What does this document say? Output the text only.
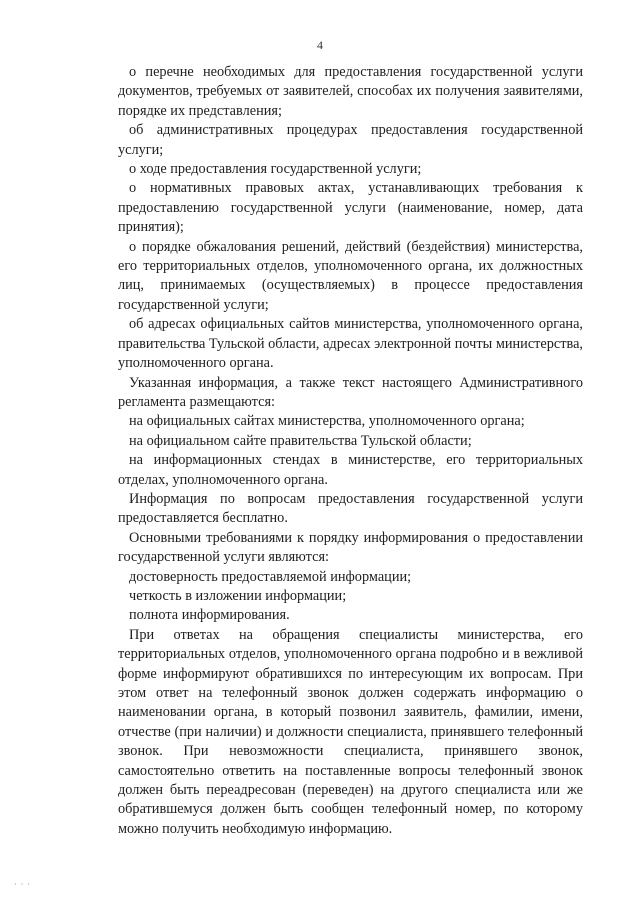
4

о перечне необходимых для предоставления государственной услуги документов, требуемых от заявителей, способах их получения заявителями, порядке их представления;

об административных процедурах предоставления государственной услуги;

о ходе предоставления государственной услуги;

о нормативных правовых актах, устанавливающих требования к предоставлению государственной услуги (наименование, номер, дата принятия);

о порядке обжалования решений, действий (бездействия) министерства, его территориальных отделов, уполномоченного органа, их должностных лиц, принимаемых (осуществляемых) в процессе предоставления государственной услуги;

об адресах официальных сайтов министерства, уполномоченного органа, правительства Тульской области, адресах электронной почты министерства, уполномоченного органа.

Указанная информация, а также текст настоящего Административного регламента размещаются:

на официальных сайтах министерства, уполномоченного органа;

на официальном сайте правительства Тульской области;

на информационных стендах в министерстве, его территориальных отделах, уполномоченного органа.

Информация по вопросам предоставления государственной услуги предоставляется бесплатно.

Основными требованиями к порядку информирования о предоставлении государственной услуги являются:

достоверность предоставляемой информации;

четкость в изложении информации;

полнота информирования.

При ответах на обращения специалисты министерства, его территориальных отделов, уполномоченного органа подробно и в вежливой форме информируют обратившихся по интересующим их вопросам. При этом ответ на телефонный звонок должен содержать информацию о наименовании органа, в который позвонил заявитель, фамилии, имени, отчестве (при наличии) и должности специалиста, принявшего телефонный звонок. При невозможности специалиста, принявшего звонок, самостоятельно ответить на поставленные вопросы телефонный звонок должен быть переадресован (переведен) на другого специалиста или же обратившемуся должен быть сообщен телефонный номер, по которому можно получить необходимую информацию.

· · ·
